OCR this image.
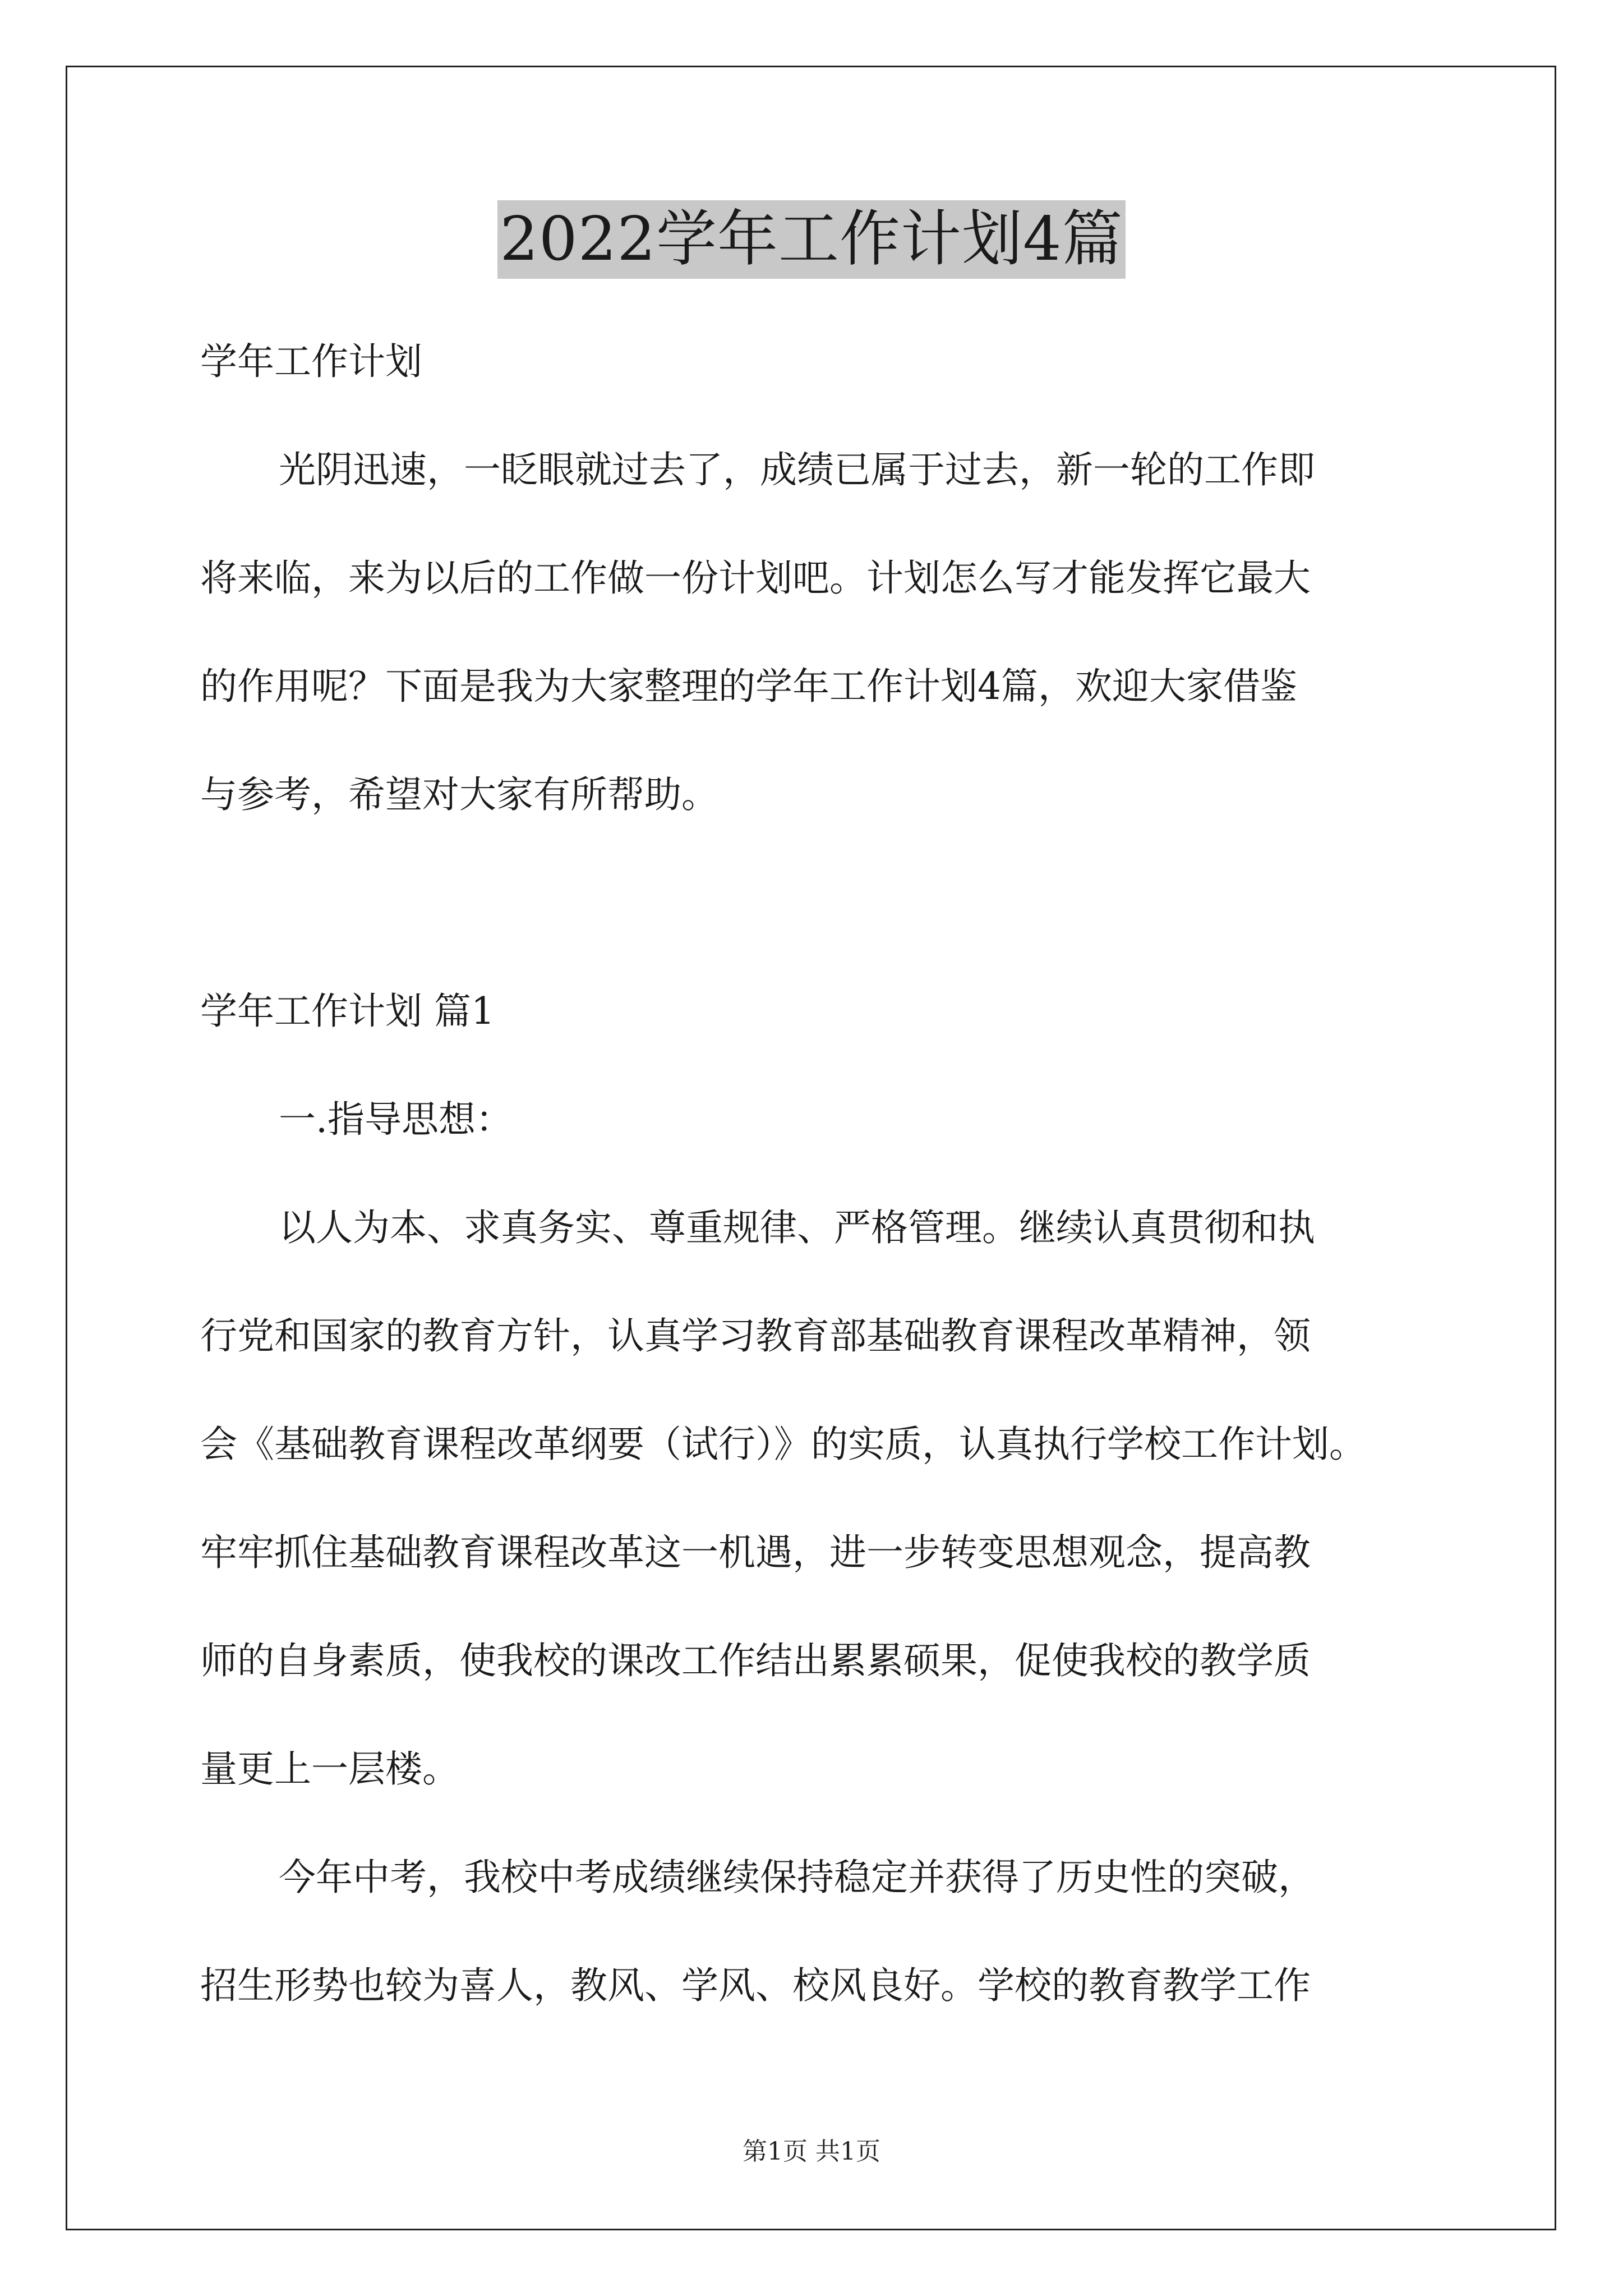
2022学年工作计划4篇

学年工作计划

光阴迅速，一眨眼就过去了，成绩已属于过去，新一轮的工作即

将来临，来为以后的工作做一份计划吧。计划怎么写才能发挥它最大

的作用呢？下面是我为大家整理的学年工作计划4篇，欢迎大家借鉴

与参考，希望对大家有所帮助。

学年工作计划 篇1

一.指导思想：

以人为本、求真务实、尊重规律、严格管理。继续认真贯彻和执

行党和国家的教育方针，认真学习教育部基础教育课程改革精神，领

会《基础教育课程改革纲要（试行）》的实质，认真执行学校工作计划。

牢牢抓住基础教育课程改革这一机遇，进一步转变思想观念，提高教

师的自身素质，使我校的课改工作结出累累硕果，促使我校的教学质

量更上一层楼。

今年中考，我校中考成绩继续保持稳定并获得了历史性的突破，

招生形势也较为喜人，教风、学风、校风良好。学校的教育教学工作

第1页 共1页
